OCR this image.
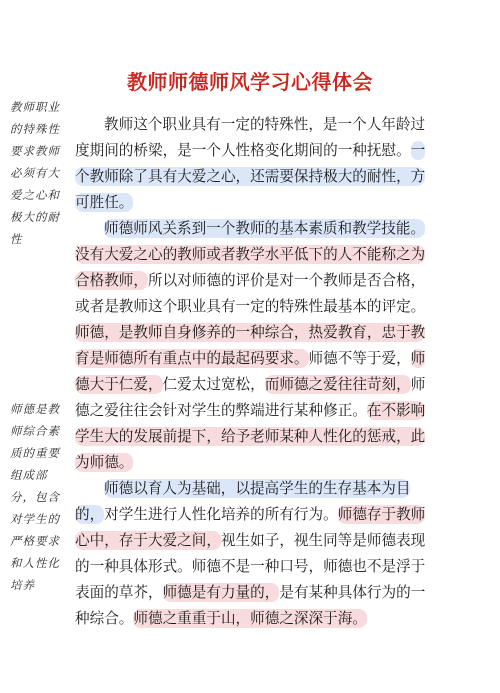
教师师德师风学习心得体会
教师职业
的特殊性
要求教师
必须有大
爱之心和
极大的耐
性
师德是教
师综合素
质的重要
组成部
分，包含
对学生的
严格要求
和人性化
培养

教师这个职业具有一定的特殊性，是一个人年龄过度期间的桥梁，是一个人性格变化期间的一种抚慰。一个教师除了具有大爱之心，还需要保持极大的耐性，方可胜任。

师德师风关系到一个教师的基本素质和教学技能。没有大爱之心的教师或者教学水平低下的人不能称之为合格教师，所以对师德的评价是对一个教师是否合格，或者是教师这个职业具有一定的特殊性最基本的评定。师德，是教师自身修养的一种综合，热爱教育，忠于教育是师德所有重点中的最起码要求。师德不等于爱，师德大于仁爱，仁爱太过宽松，而师德之爱往往苛刻，师德之爱往往会针对学生的弊端进行某种修正。在不影响学生大的发展前提下，给予老师某种人性化的惩戒，此为师德。

师德以育人为基础，以提高学生的生存基本为目的，对学生进行人性化培养的所有行为。师德存于教师心中，存于大爱之间，视生如子，视生同等是师德表现的一种具体形式。师德不是一种口号，师德也不是浮于表面的草芥，师德是有力量的，是有某种具体行为的一种综合。师德之重重于山，师德之深深于海。
